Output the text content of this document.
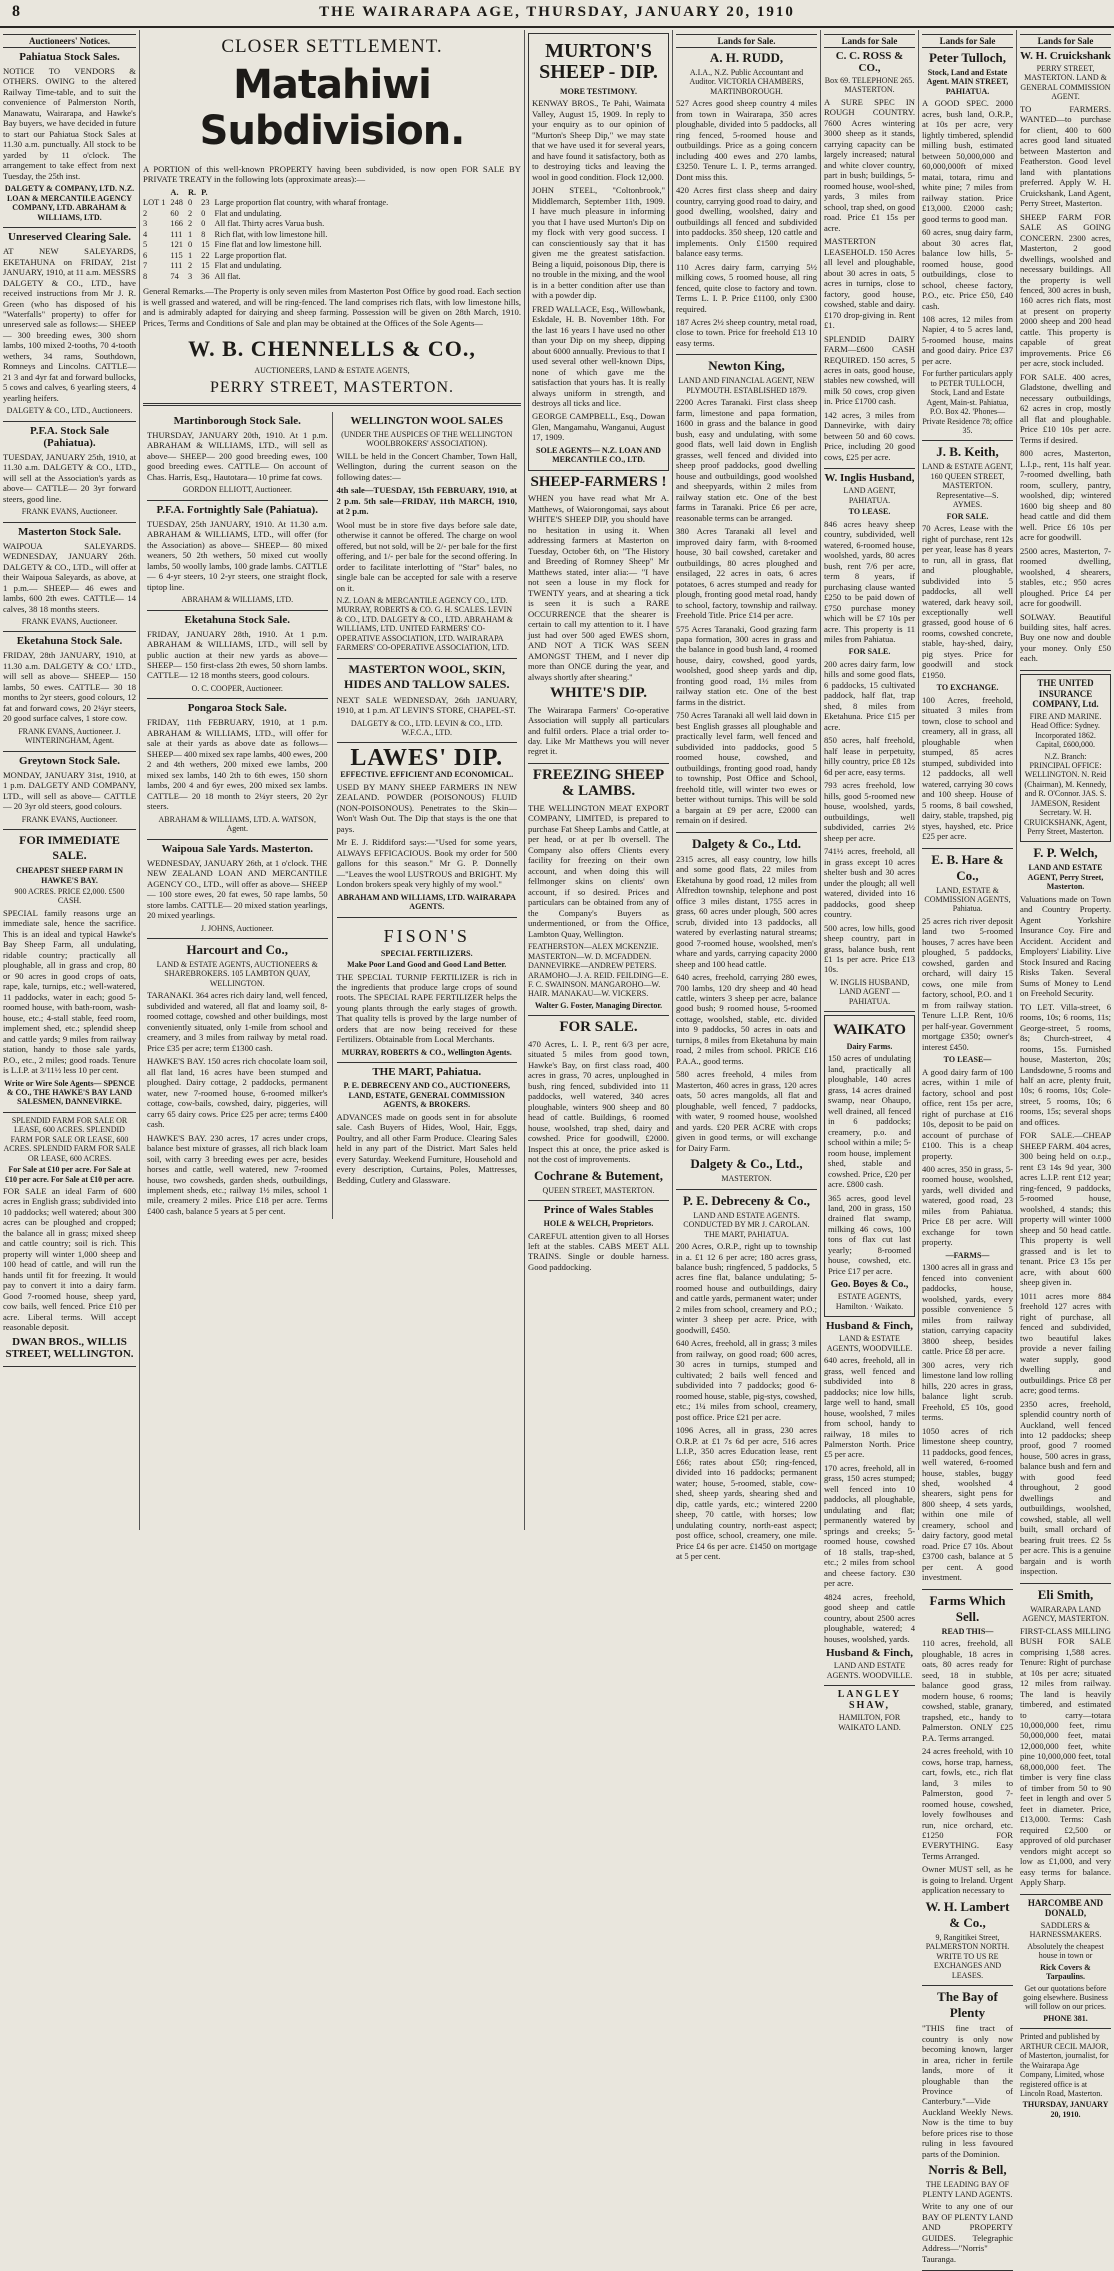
8	THE WAIRARAPA AGE, THURSDAY, JANUARY 20, 1910
Auctioneers' Notices.
Pahiatua Stock Sales.

NOTICE TO VENDORS & OTHERS. OWING to the altered Railway Time-table, and to suit the convenience of Palmerston North, Manawatu, Wairarapa, and Hawke's Bay buyers, we have decided in future to start our Pahiatua Stock Sales at 11.30 a.m. punctually. All stock to be yarded by 11 o'clock. The arrangement to take effect from next Tuesday, the 25th inst.

DALGETY & COMPANY, LTD. N.Z. LOAN & MERCANTILE AGENCY COMPANY, LTD. ABRAHAM & WILLIAMS, LTD.

Unreserved Clearing Sale.

AT NEW SALEYARDS, EKETAHUNA on FRIDAY, 21st JANUARY, 1910, at 11 a.m. MESSRS DALGETY & CO., LTD., have received instructions from Mr J. R. Green (who has disposed of his "Waterfalls" property) to offer for unreserved sale as follows:— SHEEP— 300 breeding ewes, 300 shorn lambs, 100 mixed 2-tooths, 70 4-tooth wethers, 34 rams, Southdown, Romneys and Lincolns. CATTLE— 21 3 and 4yr fat and forward bullocks, 5 cows and calves, 6 yearling steers, 4 yearling heifers.

DALGETY & CO., LTD., Auctioneers.

P.F.A. Stock Sale (Pahiatua).

TUESDAY, JANUARY 25th, 1910, at 11.30 a.m. DALGETY & CO., LTD., will sell at the Association's yards as above— CATTLE— 20 3yr forward steers, good line.

FRANK EVANS, Auctioneer.

Masterton Stock Sale.

WAIPOUA SALEYARDS. WEDNESDAY, JANUARY 26th. DALGETY & CO., LTD., will offer at their Waipoua Saleyards, as above, at 1 p.m.— SHEEP— 46 ewes and lambs, 600 2th ewes. CATTLE— 14 calves, 38 18 months steers.

FRANK EVANS, Auctioneer.

Eketahuna Stock Sale.

FRIDAY, 28th JANUARY, 1910, at 11.30 a.m. DALGETY & CO.' LTD., will sell as above— SHEEP— 150 lambs, 50 ewes. CATTLE— 30 18 months to 2yr steers, good colours, 12 fat and forward cows, 20 2¼yr steers, 20 good surface calves, 1 store cow.

FRANK EVANS, Auctioneer. J. WINTERINGHAM, Agent.

Greytown Stock Sale.

MONDAY, JANUARY 31st, 1910, at 1 p.m. DALGETY AND COMPANY, LTD., will sell as above— CATTLE— 20 3yr old steers, good colours.

FRANK EVANS, Auctioneer.

FOR IMMEDIATE SALE.

CHEAPEST SHEEP FARM IN HAWKE'S BAY.

900 ACRES. PRICE £2,000. £500 CASH.

SPECIAL family reasons urge an immediate sale, hence the sacrifice. This is an ideal and typical Hawke's Bay Sheep Farm, all undulating, ridable country; practically all ploughable, all in grass and crop, 80 or 90 acres in good crops of oats, rape, kale, turnips, etc.; well-watered, 11 paddocks, water in each; good 5-roomed house, with bath-room, wash-house, etc.; 4-stall stable, feed room, implement shed, etc.; splendid sheep and cattle yards; 9 miles from railway station, handy to those sale yards, P.O., etc., 2 miles; good roads. Tenure is L.I.P. at 3/11½ less 10 per cent.

Write or Wire Sole Agents— SPENCE & CO., THE HAWKE'S BAY LAND SALESMEN, DANNEVIRKE.

SPLENDID FARM FOR SALE OR LEASE, 600 ACRES. SPLENDID FARM FOR SALE OR LEASE, 600 ACRES. SPLENDID FARM FOR SALE OR LEASE, 600 ACRES.

For Sale at £10 per acre. For Sale at £10 per acre. For Sale at £10 per acre.

FOR SALE an ideal Farm of 600 acres in English grass; subdivided into 10 paddocks; well watered; about 300 acres can be ploughed and cropped; the balance all in grass; mixed sheep and cattle country; soil is rich. This property will winter 1,000 sheep and 100 head of cattle, and will run the hands until fit for freezing. It would pay to convert it into a dairy farm. Good 7-roomed house, sheep yard, cow bails, well fenced. Price £10 per acre. Liberal terms. Will accept reasonable deposit.

DWAN BROS., WILLIS STREET, WELLINGTON.

CLOSER SETTLEMENT.
Matahiwi Subdivision.

A PORTION of this well-known PROPERTY having been subdivided, is now open FOR SALE BY PRIVATE TREATY in the following lots (approximate areas):—

	A.	R.	P.	
LOT 1	248	0	23	Large proportion flat country, with wharaf frontage.
2	60	2	0	Flat and undulating.
3	166	2	0	All flat. Thirty acres Varua bush.
4	111	1	8	Rich flat, with low limestone hill.
5	121	0	15	Fine flat and low limestone hill.
6	115	1	22	Large proportion flat.
7	111	2	15	Flat and undulating.
8	74	3	36	All flat.

General Remarks.—The Property is only seven miles from Masterton Post Office by good road. Each section is well grassed and watered, and will be ring-fenced. The land comprises rich flats, with low limestone hills, and is admirably adapted for dairying and sheep farming. Possession will be given on 28th March, 1910. Prices, Terms and Conditions of Sale and plan may be obtained at the Offices of the Sole Agents—

W. B. CHENNELLS & CO.,
AUCTIONEERS, LAND & ESTATE AGENTS,
PERRY STREET, MASTERTON.
Martinborough Stock Sale.

THURSDAY, JANUARY 20th, 1910. At 1 p.m. ABRAHAM & WILLIAMS, LTD., will sell as above— SHEEP— 200 good breeding ewes, 100 good breeding ewes. CATTLE— On account of Chas. Harris, Esq., Hautotara— 10 prime fat cows.

GORDON ELLIOTT, Auctioneer.

P.F.A. Fortnightly Sale (Pahiatua).

TUESDAY, 25th JANUARY, 1910. At 11.30 a.m. ABRAHAM & WILLIAMS, LTD., will offer (for the Association) as above— SHEEP— 80 mixed weaners, 50 2th wethers, 50 mixed cut woolly lambs, 50 woolly lambs, 100 grade lambs. CATTLE— 6 4-yr steers, 10 2-yr steers, one straight flock, tiptop line.

ABRAHAM & WILLIAMS, LTD.

Eketahuna Stock Sale.

FRIDAY, JANUARY 28th, 1910. At 1 p.m. ABRAHAM & WILLIAMS, LTD., will sell by public auction at their new yards as above— SHEEP— 150 first-class 2th ewes, 50 shorn lambs. CATTLE— 12 18 months steers, good colours.

O. C. COOPER, Auctioneer.

Pongaroa Stock Sale.

FRIDAY, 11th FEBRUARY, 1910, at 1 p.m. ABRAHAM & WILLIAMS, LTD., will offer for sale at their yards as above date as follows— SHEEP— 400 mixed sex rape lambs, 400 ewes, 200 2 and 4th wethers, 200 mixed ewe lambs, 200 mixed sex lambs, 140 2th to 6th ewes, 150 shorn lambs, 200 4 and 6yr ewes, 200 mixed sex lambs. CATTLE— 20 18 month to 2¼yr steers, 20 2yr steers.

ABRAHAM & WILLIAMS, LTD. A. WATSON, Agent.

Waipoua Sale Yards. Masterton.

WEDNESDAY, JANUARY 26th, at 1 o'clock. THE NEW ZEALAND LOAN AND MERCANTILE AGENCY CO., LTD., will offer as above— SHEEP— 100 store ewes, 20 fat ewes, 50 rape lambs, 50 store lambs. CATTLE— 20 mixed station yearlings, 20 mixed yearlings.

J. JOHNS, Auctioneer.

Harcourt and Co.,

LAND & ESTATE AGENTS, AUCTIONEERS & SHAREBROKERS. 105 LAMBTON QUAY, WELLINGTON.

TARANAKI. 364 acres rich dairy land, well fenced, subdivided and watered, all flat and loamy soil, 8-roomed cottage, cowshed and other buildings, most conveniently situated, only 1-mile from school and creamery, and 3 miles from railway by metal road. Price £35 per acre; term £1300 cash.

HAWKE'S BAY. 150 acres rich chocolate loam soil, all flat land, 16 acres have been stumped and ploughed. Dairy cottage, 2 paddocks, permanent water, new 7-roomed house, 6-roomed milker's cottage, cow-bails, cowshed, dairy, piggeries, will carry 65 dairy cows. Price £25 per acre; terms £400 cash.

HAWKE'S BAY. 230 acres, 17 acres under crops, balance best mixture of grasses, all rich black loam soil, with carry 3 breeding ewes per acre, besides horses and cattle, well watered, new 7-roomed house, two cowsheds, garden sheds, outbuildings, implement sheds, etc.; railway 1½ miles, school 1 mile, creamery 2 miles. Price £18 per acre. Terms £400 cash, balance 5 years at 5 per cent.

WELLINGTON WOOL SALES

(UNDER THE AUSPICES OF THE WELLINGTON WOOLBROKERS' ASSOCIATION).

WILL be held in the Concert Chamber, Town Hall, Wellington, during the current season on the following dates:—

4th sale—TUESDAY, 15th FEBRUARY, 1910, at 2 p.m. 5th sale—FRIDAY, 11th MARCH, 1910, at 2 p.m.

Wool must be in store five days before sale date, otherwise it cannot be offered. The charge on wool offered, but not sold, will be 2/- per bale for the first offering, and 1/- per bale for the second offering. In order to facilitate interlotting of "Star" bales, no single bale can be accepted for sale with a reserve on it.

N.Z. LOAN & MERCANTILE AGENCY CO., LTD. MURRAY, ROBERTS & CO. G. H. SCALES. LEVIN & CO., LTD. DALGETY & CO., LTD. ABRAHAM & WILLIAMS, LTD. UNITED FARMERS' CO-OPERATIVE ASSOCIATION, LTD. WAIRARAPA FARMERS' CO-OPERATIVE ASSOCIATION, LTD.

MASTERTON WOOL, SKIN, HIDES AND TALLOW SALES.

NEXT SALE WEDNESDAY, 26th JANUARY, 1910, at 1 p.m. AT LEVIN'S STORE, CHAPEL-ST.

DALGETY & CO., LTD. LEVIN & CO., LTD. W.F.C.A., LTD.

LAWES' DIP.

EFFECTIVE. EFFICIENT AND ECONOMICAL.

USED BY MANY SHEEP FARMERS IN NEW ZEALAND. POWDER (POISONOUS) FLUID (NON-POISONOUS). Penetrates to the Skin—Won't Wash Out. The Dip that stays is the one that pays.

Mr E. J. Riddiford says:—"Used for some years, ALWAYS EFFICACIOUS. Book my order for 500 gallons for this season." Mr G. P. Donnelly—"Leaves the wool LUSTROUS and BRIGHT. My London brokers speak very highly of my wool."

ABRAHAM AND WILLIAMS, LTD. WAIRARAPA AGENTS.

FISON'S

SPECIAL FERTILIZERS.

Make Poor Land Good and Good Land Better.

THE SPECIAL TURNIP FERTILIZER is rich in the ingredients that produce large crops of sound roots. The SPECIAL RAPE FERTILIZER helps the young plants through the early stages of growth. That quality tells is proved by the large number of orders that are now being received for these Fertilizers. Obtainable from Local Merchants.

MURRAY, ROBERTS & CO., Wellington Agents.

THE MART, Pahiatua.

P. E. DEBRECENY AND CO., AUCTIONEERS, LAND, ESTATE, GENERAL COMMISSION AGENTS, & BROKERS.

ADVANCES made on goods sent in for absolute sale. Cash Buyers of Hides, Wool, Hair, Eggs, Poultry, and all other Farm Produce. Clearing Sales held in any part of the District. Mart Sales held every Saturday. Weekend Furniture, Household and every description, Curtains, Poles, Mattresses, Bedding, Cutlery and Glassware.

MURTON'S SHEEP - DIP.

MORE TESTIMONY.

KENWAY BROS., Te Pahi, Waimata Valley, August 15, 1909. In reply to your enquiry as to our opinion of "Murton's Sheep Dip," we may state that we have used it for several years, and have found it satisfactory, both as to destroying ticks and leaving the wool in good condition. Flock 12,000.

JOHN STEEL, "Coltonbrook," Middlemarch, September 11th, 1909. I have much pleasure in informing you that I have used Murton's Dip on my flock with very good success. I can conscientiously say that it has given me the greatest satisfaction. Being a liquid, poisonous Dip, there is no trouble in the mixing, and the wool is in a better condition after use than with a powder dip.

FRED WALLACE, Esq., Willowbank, Eskdale, H. B. November 18th. For the last 16 years I have used no other than your Dip on my sheep, dipping about 6000 annually. Previous to that I used several other well-known Dips, none of which gave me the satisfaction that yours has. It is really always uniform in strength, and destroys all ticks and lice.

GEORGE CAMPBELL, Esq., Dowan Glen, Mangamahu, Wanganui, August 17, 1909.

SOLE AGENTS— N.Z. LOAN AND MERCANTILE CO., LTD.

SHEEP-FARMERS !

WHEN you have read what Mr A. Matthews, of Waiorongomai, says about WHITE'S SHEEP DIP, you should have no hesitation in using it. When addressing farmers at Masterton on Tuesday, October 6th, on "The History and Breeding of Romney Sheep" Mr Matthews stated, inter alia:— "I have not seen a louse in my flock for TWENTY years, and at shearing a tick is seen it is such a RARE OCCURRENCE that the shearer is certain to call my attention to it. I have just had over 500 aged EWES shorn, AND NOT A TICK WAS SEEN AMONGST THEM, and I never dip more than ONCE during the year, and always shortly after shearing."

WHITE'S DIP.

The Wairarapa Farmers' Co-operative Association will supply all particulars and fulfil orders. Place a trial order to-day. Like Mr Matthews you will never regret it.

FREEZING SHEEP & LAMBS.

THE WELLINGTON MEAT EXPORT COMPANY, LIMITED, is prepared to purchase Fat Sheep Lambs and Cattle, at per head, or at per lb oversell. The Company also offers Clients every facility for freezing on their own account, and when doing this will fellmonger skins on clients' own account, if so desired. Prices and particulars can be obtained from any of the Company's Buyers as undermentioned, or from the Office, Lambton Quay, Wellington.

FEATHERSTON—ALEX MCKENZIE. MASTERTON—W. D. MCFADDEN. DANNEVIRKE—ANDREW PETERS. ARAMOHO—J. A. REID. FEILDING—E. F. C. SWAINSON. MANGAROHO—W. HAIR. MANAKAU—W. VICKERS.

Walter G. Foster, Managing Director.

FOR SALE.

470 Acres, L. I. P., rent 6/3 per acre, situated 5 miles from good town, Hawke's Bay, on first class road, 400 acres in grass, 70 acres, unploughed in bush, ring fenced, subdivided into 11 paddocks, well watered, 340 acres ploughable, winters 900 sheep and 80 head of cattle. Buildings, 6 roomed house, woolshed, trap shed, dairy and cowshed. Price for goodwill, £2000. Inspect this at once, the price asked is not the cost of improvements.

Cochrane & Butement,

QUEEN STREET, MASTERTON.

Prince of Wales Stables

HOLE & WELCH, Proprietors.

CAREFUL attention given to all Horses left at the stables. CABS MEET ALL TRAINS. Single or double harness. Good paddocking.

Lands for Sale.
A. H. RUDD,

A.I.A., N.Z. Public Accountant and Auditor. VICTORIA CHAMBERS, MARTINBOROUGH.

527 Acres good sheep country 4 miles from town in Wairarapa, 350 acres ploughable, divided into 5 paddocks, all ring fenced, 5-roomed house and outbuildings. Price as a going concern including 400 ewes and 270 lambs, £3250. Tenure L. I. P., terms arranged. Dont miss this.

420 Acres first class sheep and dairy country, carrying good road to dairy, and good dwelling, woolshed, dairy and outbuildings all fenced and subdivided into paddocks. 350 sheep, 120 cattle and implements. Only £1500 required balance easy terms.

110 Acres dairy farm, carrying 5½ milking cows, 5 roomed house, all ring fenced, quite close to factory and town. Terms L. I. P. Price £1100, only £300 required.

187 Acres 2½ sheep country, metal road, close to town. Price for freehold £13 10 easy terms.

Newton King,

LAND AND FINANCIAL AGENT, NEW PLYMOUTH. ESTABLISHED 1879.

2200 Acres Taranaki. First class sheep farm, limestone and papa formation, 1600 in grass and the balance in good bush, easy and undulating, with some good flats, well laid down in English grasses, well fenced and divided into sheep proof paddocks, good dwelling house and outbuildings, good woolshed and sheepyards, within 2 miles from railway station etc. One of the best farms in Taranaki. Price £6 per acre, reasonable terms can be arranged.

380 Acres Taranaki all level and improved dairy farm, with 8-roomed house, 30 bail cowshed, caretaker and outbuildings, 80 acres ploughed and ensilaged, 22 acres in oats, 6 acres potatoes, 6 acres stumped and ready for plough, fronting good metal road, handy to school, factory, township and railway. Freehold Title. Price £14 per acre.

575 Acres Taranaki, Good grazing farm papa formation, 300 acres in grass and the balance in good bush land, 4 roomed house, dairy, cowshed, good yards, woolshed, good sheep yards and dip, fronting good road, 1½ miles from railway station etc. One of the best farms in the district.

750 Acres Taranaki all well laid down in best English grasses all ploughable and practically level farm, well fenced and subdivided into paddocks, good 5 roomed house, cowshed, and outbuildings, fronting good road, handy to township, Post Office and School, freehold title, will winter two ewes or better without turnips. This will be sold a bargain at £9 per acre, £2000 can remain on if desired.

Dalgety & Co., Ltd.

2315 acres, all easy country, low hills and some good flats, 22 miles from Eketahuna by good road, 12 miles from Alfredton township, telephone and post office 3 miles distant, 1755 acres in grass, 60 acres under plough, 500 acres scrub, divided into 13 paddocks, all watered by everlasting natural streams; good 7-roomed house, woolshed, men's whare and yards, carrying capacity 2000 sheep and 100 head cattle.

640 acres, freehold, carrying 280 ewes, 700 lambs, 120 dry sheep and 40 head cattle, winters 3 sheep per acre, balance good bush; 9 roomed house, 5-roomed cottage, woolshed, stable, etc. divided into 9 paddocks, 50 acres in oats and turnips, 8 miles from Eketahuna by main road, 2 miles from school. PRICE £16 P.A.A., good terms.

580 acres freehold, 4 miles from Masterton, 460 acres in grass, 120 acres oats, 50 acres mangolds, all flat and ploughable, well fenced, 7 paddocks, with water, 9 roomed house, woolshed and yards. £20 PER ACRE with crops given in good terms, or will exchange for Dairy Farm.

Dalgety & Co., Ltd.,

MASTERTON.

P. E. Debreceny & Co.,

LAND AND ESTATE AGENTS. CONDUCTED BY MR J. CAROLAN. THE MART, PAHIATUA.

200 Acres, O.R.P., right up to township in a. £1 12 6 per acre; 180 acres grass, balance bush; ringfenced, 5 paddocks, 5 acres fine flat, balance undulating; 5-roomed house and outbuildings, dairy and cattle yards, permanent water; under 2 miles from school, creamery and P.O.; winter 3 sheep per acre. Price, with goodwill, £450.

640 Acres, freehold, all in grass; 3 miles from railway, on good road; 600 acres, 30 acres in turnips, stumped and cultivated; 2 bails well fenced and subdivided into 7 paddocks; good 6-roomed house, stable, pig-stys, cowshed, etc.; 1¼ miles from school, creamery, post office. Price £21 per acre.

1096 Acres, all in grass, 230 acres O.R.P. at £1 7s 6d per acre, 516 acres L.I.P., 350 acres Education lease, rent £66; rates about £50; ring-fenced, divided into 16 paddocks; permanent water; house, 5-roomed, stable, cow-shed, sheep yards, shearing shed and dip, cattle yards, etc.; wintered 2200 sheep, 70 cattle, with horses; low undulating country, north-east aspect; post office, school, creamery, one mile. Price £4 6s per acre. £1450 on mortgage at 5 per cent.

Lands for Sale
C. C. ROSS & CO.,

Box 69. TELEPHONE 265. MASTERTON.

A SURE SPEC IN ROUGH COUNTRY. 7600 Acres wintering 3000 sheep as it stands, carrying capacity can be largely increased; natural and white clover country, part in bush; buildings, 5-roomed house, wool-shed, yards, 3 miles from school, trap shed, on good road. Price £1 15s per acre.

MASTERTON LEASEHOLD. 150 Acres all level and ploughable, about 30 acres in oats, 5 acres in turnips, close to factory, good house, cowshed, stable and dairy. £170 drop-giving in. Rent £1.

SPLENDID DAIRY FARM—£600 CASH REQUIRED. 150 acres, 5 acres in oats, good house, stables new cowshed, will milk 50 cows, crop given in. Price £1700 cash.

142 acres, 3 miles from Dannevirke, with dairy between 50 and 60 cows. Price, including 20 good cows, £25 per acre.

W. Inglis Husband,

LAND AGENT, PAHIATUA.

TO LEASE.

846 acres heavy sheep country, subdivided, well watered, 6-roomed house, woolshed, yards, 80 acres bush, rent 7/6 per acre, term 8 years, if purchasing clause wanted £250 to be paid down of £750 purchase money which will be £7 10s per acre. This property is 11 miles from Pahiatua.

FOR SALE.

200 acres dairy farm, low hills and some good flats, 6 paddocks, 15 cultivated paddock, half flat, trap shed, 8 miles from Eketahuna. Price £15 per acre.

850 acres, half freehold, half lease in perpetuity, hilly country, price £8 12s 6d per acre, easy terms.

793 acres freehold, low hills, good 5-roomed new house, woolshed, yards, outbuildings, well subdivided, carries 2½ sheep per acre.

741½ acres, freehold, all in grass except 10 acres shelter bush and 30 acres under the plough; all well watered, divided into 16 paddocks, good sheep country.

500 acres, low hills, good sheep country, part in grass, balance bush, rent £1 1s per acre. Price £13 10s.

W. INGLIS HUSBAND, LAND AGENT — PAHIATUA.

WAIKATO

Dairy Farms.

150 acres of undulating land, practically all ploughable, 140 acres grass, 14 acres drained swamp, near Ohaupo, well drained, all fenced in 6 paddocks; creamery, p.o. and school within a mile; 5-room house, implement shed, stable and cowshed. Price, £20 per acre. £800 cash.

365 acres, good level land, 200 in grass, 150 drained flat swamp, milking 46 cows, 100 tons of flax cut last yearly; 8-roomed house, cowshed, etc. Price £17 per acre.

Geo. Boyes & Co.,

ESTATE AGENTS, Hamilton. · Waikato.

Husband & Finch,

LAND & ESTATE AGENTS, WOODVILLE.

640 acres, freehold, all in grass, well fenced and subdivided into 8 paddocks; nice low hills, large well to hand, small house, woolshed, 7 miles from school, handy to railway, 18 miles to Palmerston North. Price £5 per acre.

170 acres, freehold, all in grass, 150 acres stumped; well fenced into 10 paddocks, all ploughable, undulating and flat; permanently watered by springs and creeks; 5-roomed house, cowshed of 18 stalls, trap-shed, etc.; 2 miles from school and cheese factory. £30 per acre.

4824 acres, freehold, good sheep and cattle country, about 2500 acres ploughable, watered; 4 houses, woolshed, yards.

Husband & Finch,

LAND AND ESTATE AGENTS. WOODVILLE.

LANGLEY SHAW,

HAMILTON, FOR WAIKATO LAND.

Lands for Sale
Peter Tulloch,

Stock, Land and Estate Agent. MAIN STREET, PAHIATUA.

A GOOD SPEC. 2000 acres, bush land, O.R.P., at 10s per acre, very lightly timbered, splendid milling bush, estimated between 50,000,000 and 60,000,000ft of mixed matai, totara, rimu and white pine; 7 miles from railway station. Price £13,000. £2000 cash; good terms to good man.

60 acres, snug dairy farm, about 30 acres flat, balance low hills, 5-roomed house, good outbuildings, close to school, cheese factory, P.O., etc. Price £50, £40 cash.

108 acres, 12 miles from Napier, 4 to 5 acres land, 5-roomed house, mains and good dairy. Price £37 per acre.

For further particulars apply to PETER TULLOCH, Stock, Land and Estate Agent, Main-st. Pahiatua, P.O. Box 42. 'Phones—Private Residence 78; office 35.

J. B. Keith,

LAND & ESTATE AGENT, 160 QUEEN STREET, MASTERTON. Representative—S. AYMES.

FOR SALE.

70 Acres, Lease with the right of purchase, rent 12s per year, lease has 8 years to run, all in grass, flat and ploughable, subdivided into 5 paddocks, all well watered, dark heavy soil, exceptionally well grassed, good house of 6 rooms, cowshed concrete, stable, hay-shed, dairy, pig styes. Price for goodwill and stock £1950.

TO EXCHANGE.

100 Acres, freehold, situated 3 miles from town, close to school and creamery, all in grass, all ploughable when stumped, 85 acres stumped, subdivided into 12 paddocks, all well watered, carrying 30 cows and 100 sheep. House of 5 rooms, 8 bail cowshed, dairy, stable, trapshed, pig styes, hayshed, etc. Price £25 per acre.

E. B. Hare & Co.,

LAND, ESTATE & COMMISSION AGENTS, Pahiatua.

25 acres rich river deposit land two 5-roomed houses, 7 acres have been ploughed, 5 paddocks, cowshed, garden and orchard, will dairy 15 cows, one mile from factory, school, P.O. and 1 m from railway station. Tenure L.I.P. Rent, 10/6 per half-year. Government mortgage £350; owner's interest £450.

TO LEASE—

A good dairy farm of 100 acres, within 1 mile of factory, school and post office, rent 15s per acre, right of purchase at £16 10s, deposit to be paid on account of purchase of £100. This is a cheap property.

400 acres, 350 in grass, 5-roomed house, woolshed, yards, well divided and watered, good road, 23 miles from Pahiatua. Price £8 per acre. Will exchange for town property.

—FARMS—

1300 acres all in grass and fenced into convenient paddocks, house, woolshed, yards, every possible convenience 5 miles from railway station, carrying capacity 3800 sheep, besides cattle. Price £8 per acre.

300 acres, very rich limestone land low rolling hills, 220 acres in grass, balance light scrub. Freehold, £5 10s, good terms.

1050 acres of rich limestone sheep country, 11 paddocks, good fences, well watered, 6-roomed house, stables, buggy shed, woolshed 4 shearers, sight pens for 800 sheep, 4 sets yards, within one mile of creamery, school and dairy factory, good metal road. Price £7 10s. About £3700 cash, balance at 5 per cent. A good investment.

Farms Which Sell.

READ THIS—

110 acres, freehold, all ploughable, 18 acres in oats, 80 acres ready for seed, 18 in stubble, balance good grass, modern house, 6 rooms; cowshed, stable, granary, trapshed, etc., handy to Palmerston. ONLY £25 P.A. Terms arranged.

24 acres freehold, with 10 cows, horse trap, harness, cart, fowls, etc., rich flat land, 3 miles to Palmerston, good 7-roomed house, cowshed, lovely fowlhouses and run, nice orchard, etc. £1250 FOR EVERYTHING. Easy Terms Arranged.

Owner MUST sell, as he is going to Ireland. Urgent application necessary to

W. H. Lambert & Co.,

9, Rangitikei Street, PALMERSTON NORTH. WRITE TO US RE EXCHANGES AND LEASES.

The Bay of Plenty

"THIS fine tract of country is only now becoming known, larger in area, richer in fertile lands, more of it ploughable than the Province of Canterbury."—Vide Auckland Weekly News. Now is the time to buy before prices rise to those ruling in less favoured parts of the Dominion.

Norris & Bell,

THE LEADING BAY OF PLENTY LAND AGENTS.

Write to any one of our BAY OF PLENTY LAND AND PROPERTY GUIDES. Telegraphic Address—"Norris" Tauranga.

Lands for Sale
W. H. Cruickshank

PERRY STREET, MASTERTON. LAND & GENERAL COMMISSION AGENT.

TO FARMERS. WANTED—to purchase for client, 400 to 600 acres good land situated between Masterton and Featherston. Good level land with plantations preferred. Apply W. H. Cruickshank, Land Agent, Perry Street, Masterton.

SHEEP FARM FOR SALE AS GOING CONCERN. 2300 acres, Masterton, 2 good dwellings, woolshed and necessary buildings. All the property is well fenced, 300 acres in bush, 160 acres rich flats, most at present on property 2000 sheep and 200 head cattle. This property is capable of great improvements. Price £6 per acre, stock included.

FOR SALE. 400 acres, Gladstone, dwelling and necessary outbuildings, 62 acres in crop, mostly all flat and ploughable. Price £10 10s per acre. Terms if desired.

800 acres, Masterton, L.I.p., rent, 11s half year. 7-roomed dwelling, bath room, scullery, pantry, woolshed, dip; wintered 1600 big sheep and 80 head cattle and did them well. Price £6 10s per acre for goodwill.

2500 acres, Masterton, 7-roomed dwelling, woolshed, 4 shearers, stables, etc.; 950 acres ploughed. Price £4 per acre for goodwill.

SOLWAY. Beautiful building sites, half acres. Buy one now and double your money. Only £50 each.

THE UNITED INSURANCE COMPANY, Ltd.

FIRE AND MARINE. Head Office: Sydney. Incorporated 1862. Capital, £600,000.

N.Z. Branch: PRINCIPAL OFFICE: WELLINGTON. N. Reid (Chairman), M. Kennedy, and R. O'Connor. JAS. S. JAMESON, Resident Secretary. W. H. CRUICKSHANK, Agent, Perry Street, Masterton.

F. P. Welch,

LAND AND ESTATE AGENT, Perry Street, Masterton.

Valuations made on Town and Country Property. Agent Yorkshire Insurance Coy. Fire and Accident. Accident and Employers' Liability. Live Stock Insured and Racing Risks Taken. Several Sums of Money to Lend on Freehold Security.

TO LET. Villa-street, 6 rooms, 10s; 6 rooms, 11s; George-street, 5 rooms, 8s; Church-street, 4 rooms, 15s. Furnished house, Masterton, 20s; Landsdowne, 5 rooms and half an acre, plenty fruit, 10s; 6 rooms, 10s; Cole-street, 5 rooms, 10s; 6 rooms, 15s; several shops and offices.

FOR SALE.—CHEAP SHEEP FARM. 404 acres, 300 being held on o.r.p., rent £3 14s 9d year, 300 acres L.I.P. rent £12 year; ring-fenced, 9 paddocks, 5-roomed house, woolshed, 4 stands; this property will winter 1000 sheep and 50 head cattle. This property is well grassed and is let to tenant. Price £3 15s per acre, with about 600 sheep given in.

1011 acres more 884 freehold 127 acres with right of purchase, all fenced and subdivided, two beautiful lakes provide a never failing water supply, good dwelling and outbuildings. Price £8 per acre; good terms.

2350 acres, freehold, splendid country north of Auckland, well fenced into 12 paddocks; sheep proof, good 7 roomed house, 500 acres in grass, balance bush and fern and with good feed throughout, 2 good dwellings and outbuildings, woolshed, cowshed, stable, all well built, small orchard of bearing fruit trees. £2 5s per acre. This is a genuine bargain and is worth inspection.

Eli Smith,

WAIRARAPA LAND AGENCY, MASTERTON.

FIRST-CLASS MILLING BUSH FOR SALE comprising 1,588 acres. Tenure: Right of purchase at 10s per acre; situated 12 miles from railway. The land is heavily timbered, and estimated to carry—totara 10,000,000 feet, rimu 50,000,000 feet, matai 12,000,000 feet, white pine 10,000,000 feet, total 68,000,000 feet. The timber is very fine class of timber from 50 to 90 feet in length and over 5 feet in diameter. Price, £13,000. Terms: Cash required £2,500 or approved of old purchaser vendors might accept so low as £1,000, and very easy terms for balance. Apply Sharp.

HARCOMBE AND DONALD,

SADDLERS & HARNESSMAKERS.

Absolutely the cheapest house in town or

Rick Covers & Tarpaulins.

Get our quotations before going elsewhere. Business will follow on our prices.

PHONE 381.

Printed and published by ARTHUR CECIL MAJOR, of Masterton, journalist, for the Wairarapa Age Company, Limited, whose registered office is at Lincoln Road, Masterton.

THURSDAY, JANUARY 20, 1910.
